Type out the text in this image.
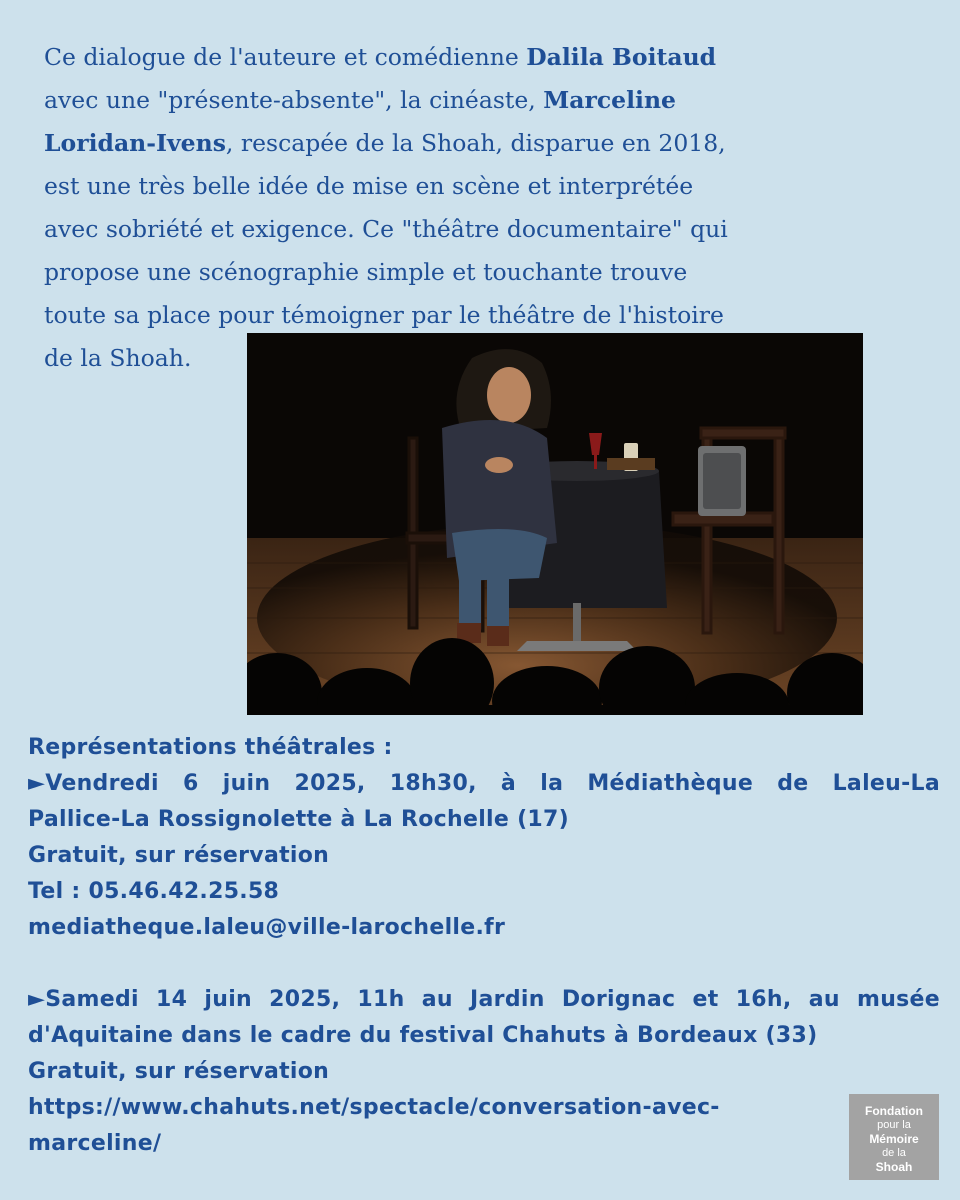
Ce dialogue de l'auteure et comédienne Dalila Boitaud
avec une "présente-absente", la cinéaste, Marceline
Loridan-Ivens, rescapée de la Shoah, disparue en 2018,
est une très belle idée de mise en scène et interprétée
avec sobriété et exigence. Ce "théâtre documentaire" qui
propose une scénographie simple et touchante trouve
toute sa place pour témoigner par le théâtre de l'histoire
de la Shoah.
Représentations théâtrales :
►Vendredi 6 juin 2025, 18h30, à la Médiathèque de Laleu-La
Pallice-La Rossignolette à La Rochelle (17)
Gratuit, sur réservation
Tel : 05.46.42.25.58
mediatheque.laleu@ville-larochelle.fr
►Samedi 14 juin 2025, 11h au Jardin Dorignac et 16h, au musée
d'Aquitaine dans le cadre du festival Chahuts à Bordeaux (33)
Gratuit, sur réservation
https://www.chahuts.net/spectacle/conversation-avec-
marceline/
Fondation
pour la
Mémoire
de la
Shoah
